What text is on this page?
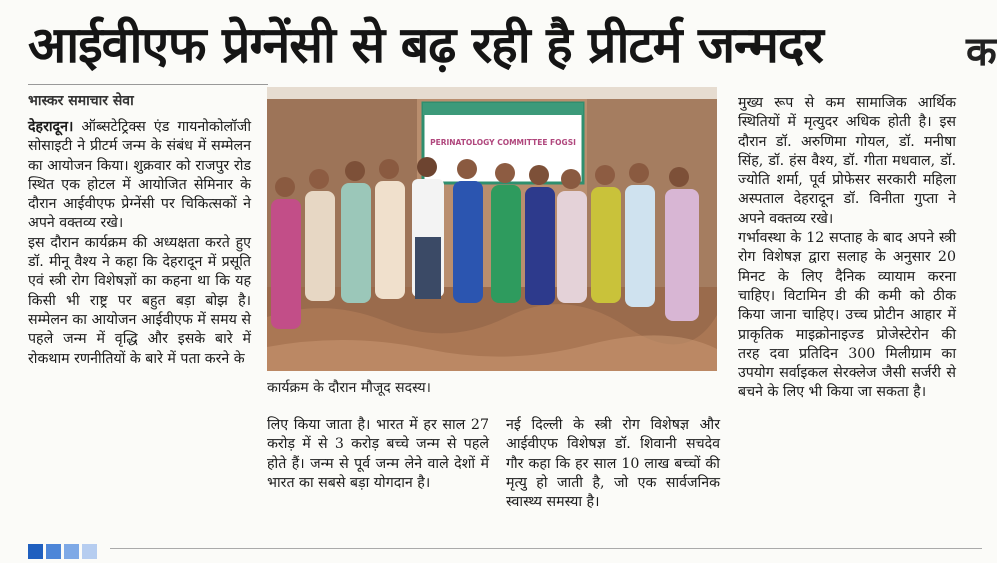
आईवीएफ प्रेग्नेंसी से बढ़ रही है प्रीटर्म जन्मदर	क
भास्कर समाचार सेवा

देहरादून। ऑब्सटेट्रिक्स एंड गायनोकोलॉजी सोसाइटी ने प्रीटर्म जन्म के संबंध में सम्मेलन का आयोजन किया। शुक्रवार को राजपुर रोड स्थित एक होटल में आयोजित सेमिनार के दौरान आईवीएफ प्रेग्नेंसी पर चिकित्सकों ने अपने वक्तव्य रखे।

इस दौरान कार्यक्रम की अध्यक्षता करते हुए डॉ. मीनू वैश्य ने कहा कि देहरादून में प्रसूति एवं स्त्री रोग विशेषज्ञों का कहना था कि यह किसी भी राष्ट्र पर बहुत बड़ा बोझ है। सम्मेलन का आयोजन आईवीएफ में समय से पहले जन्म में वृद्धि और इसके बारे में रोकथाम रणनीतियों के बारे में पता करने के

PERINATOLOGY COMMITTEE FOGSI
कार्यक्रम के दौरान मौजूद सदस्य।

लिए किया जाता है। भारत में हर साल 27 करोड़ में से 3 करोड़ बच्चे जन्म से पहले होते हैं। जन्म से पूर्व जन्म लेने वाले देशों में भारत का सबसे बड़ा योगदान है।

नई दिल्ली के स्त्री रोग विशेषज्ञ और आईवीएफ विशेषज्ञ डॉ. शिवानी सचदेव गौर कहा कि हर साल 10 लाख बच्चों की मृत्यु हो जाती है, जो एक सार्वजनिक स्वास्थ्य समस्या है।

मुख्य रूप से कम सामाजिक आर्थिक स्थितियों में मृत्युदर अधिक होती है। इस दौरान डॉ. अरुणिमा गोयल, डॉ. मनीषा सिंह, डॉ. हंस वैश्य, डॉ. गीता मधवाल, डॉ. ज्योति शर्मा, पूर्व प्रोफेसर सरकारी महिला अस्पताल देहरादून डॉ. विनीता गुप्ता ने अपने वक्तव्य रखे।

गर्भावस्था के 12 सप्ताह के बाद अपने स्त्री रोग विशेषज्ञ द्वारा सलाह के अनुसार 20 मिनट के लिए दैनिक व्यायाम करना चाहिए। विटामिन डी की कमी को ठीक किया जाना चाहिए। उच्च प्रोटीन आहार में प्राकृतिक माइक्रोनाइज्ड प्रोजेस्टेरोन की तरह दवा प्रतिदिन 300 मिलीग्राम का उपयोग सर्वाइकल सेरक्लेज जैसी सर्जरी से बचने के लिए भी किया जा सकता है।
